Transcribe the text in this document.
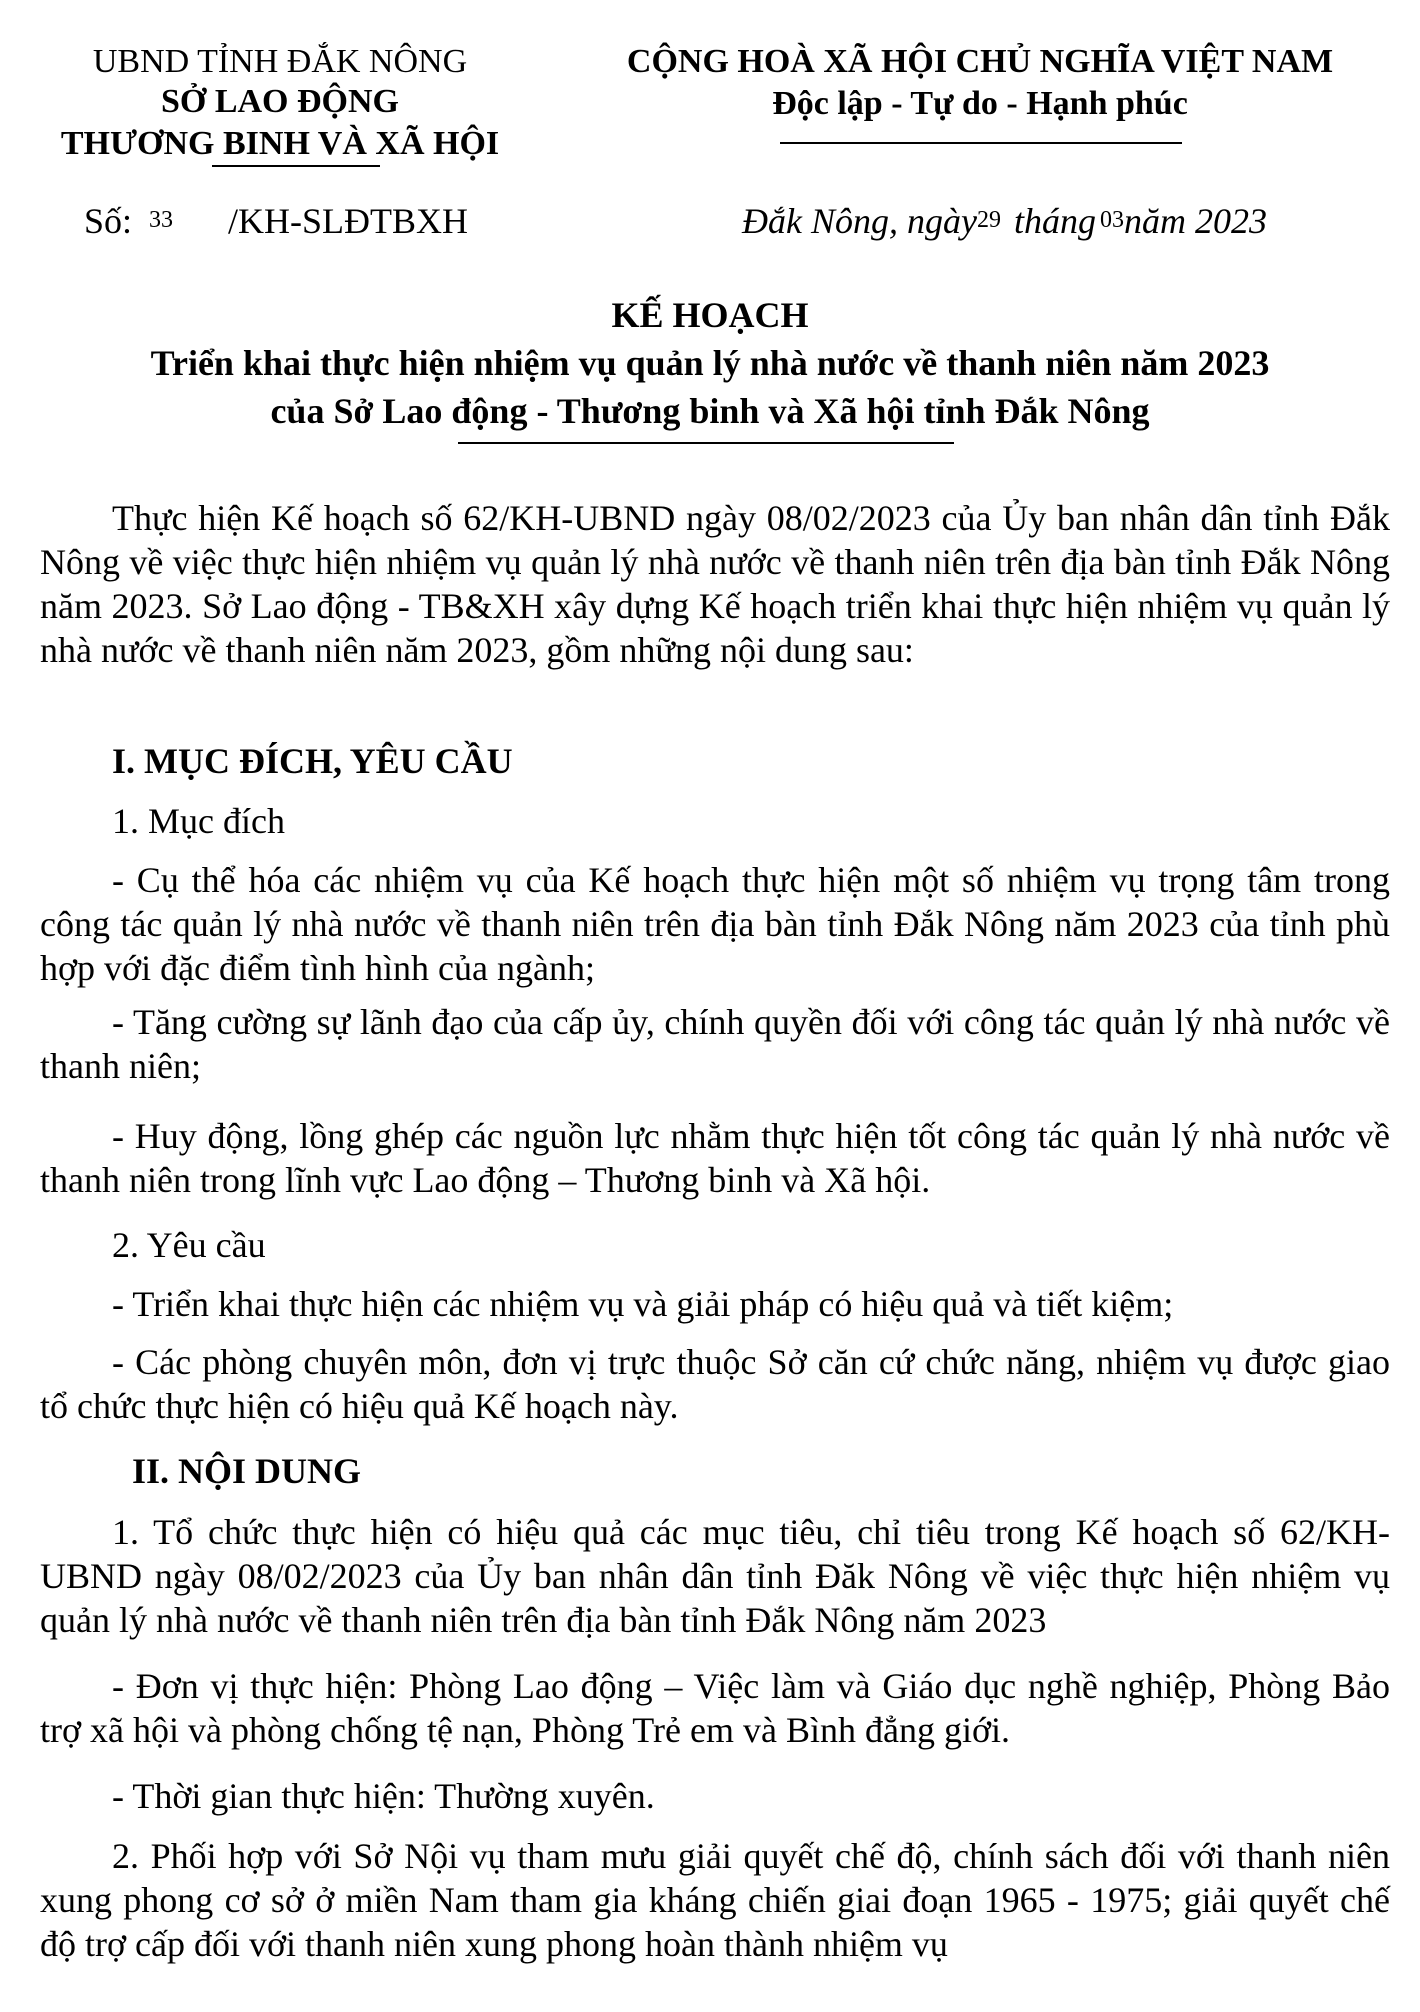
UBND TỈNH ĐẮK NÔNG
SỞ LAO ĐỘNG
THƯƠNG BINH VÀ XÃ HỘI
CỘNG HOÀ XÃ HỘI CHỦ NGHĨA VIỆT NAM
Độc lập - Tự do - Hạnh phúc
Số: 33 /KH-SLĐTBXH	Đắk Nông, ngày29 tháng 03năm 2023
KẾ HOẠCH
Triển khai thực hiện nhiệm vụ quản lý nhà nước về thanh niên năm 2023
của Sở Lao động - Thương binh và Xã hội tỉnh Đắk Nông
Thực hiện Kế hoạch số 62/KH-UBND ngày 08/02/2023 của Ủy ban nhân dân tỉnh Đắk Nông về việc thực hiện nhiệm vụ quản lý nhà nước về thanh niên trên địa bàn tỉnh Đắk Nông năm 2023. Sở Lao động - TB&XH xây dựng Kế hoạch triển khai thực hiện nhiệm vụ quản lý nhà nước về thanh niên năm 2023, gồm những nội dung sau:
I. MỤC ĐÍCH, YÊU CẦU
1. Mục đích
- Cụ thể hóa các nhiệm vụ của Kế hoạch thực hiện một số nhiệm vụ trọng tâm trong công tác quản lý nhà nước về thanh niên trên địa bàn tỉnh Đắk Nông năm 2023 của tỉnh phù hợp với đặc điểm tình hình của ngành;
- Tăng cường sự lãnh đạo của cấp ủy, chính quyền đối với công tác quản lý nhà nước về thanh niên;
- Huy động, lồng ghép các nguồn lực nhằm thực hiện tốt công tác quản lý nhà nước về thanh niên trong lĩnh vực Lao động – Thương binh và Xã hội.
2. Yêu cầu
- Triển khai thực hiện các nhiệm vụ và giải pháp có hiệu quả và tiết kiệm;
- Các phòng chuyên môn, đơn vị trực thuộc Sở căn cứ chức năng, nhiệm vụ được giao tổ chức thực hiện có hiệu quả Kế hoạch này.
II. NỘI DUNG
1. Tổ chức thực hiện có hiệu quả các mục tiêu, chỉ tiêu trong Kế hoạch số 62/KH-UBND ngày 08/02/2023 của Ủy ban nhân dân tỉnh Đăk Nông về việc thực hiện nhiệm vụ quản lý nhà nước về thanh niên trên địa bàn tỉnh Đắk Nông năm 2023
- Đơn vị thực hiện: Phòng Lao động – Việc làm và Giáo dục nghề nghiệp, Phòng Bảo trợ xã hội và phòng chống tệ nạn, Phòng Trẻ em và Bình đẳng giới.
- Thời gian thực hiện: Thường xuyên.
2. Phối hợp với Sở Nội vụ tham mưu giải quyết chế độ, chính sách đối với thanh niên xung phong cơ sở ở miền Nam tham gia kháng chiến giai đoạn 1965 - 1975; giải quyết chế độ trợ cấp đối với thanh niên xung phong hoàn thành nhiệm vụ
